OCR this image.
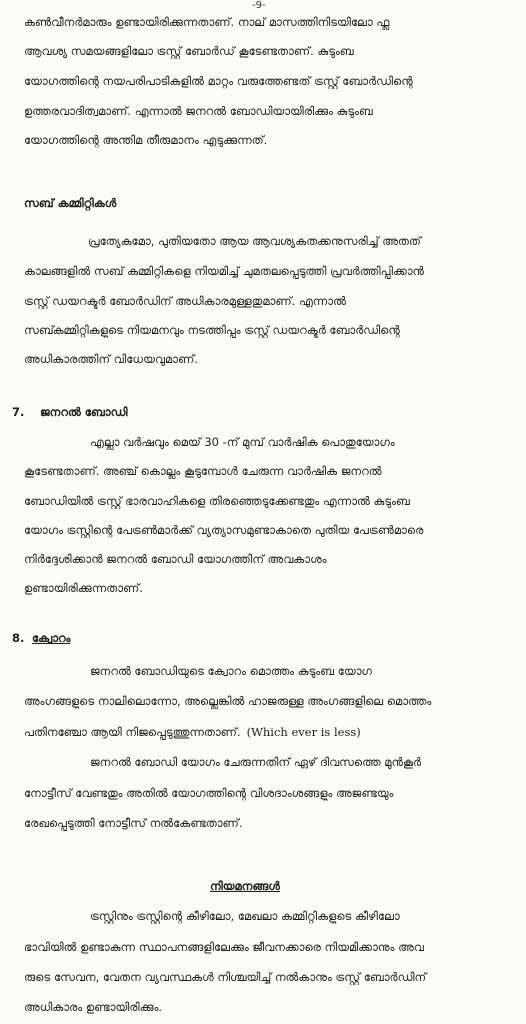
-9-
കൺവീനർമാരും ഉണ്ടായിരിക്കുന്നതാണ്. നാല് മാസത്തിനിടയിലോ ഫ്ലു
ആവശ്യ സമയങ്ങളിലോ ട്രസ്റ്റ് ബോർഡ് കൂടേണ്ടതാണ്. കുടുംബ
യോഗത്തിന്റെ നയപരിപാടികളിൽ മാറ്റം വരുത്തേണ്ടത് ട്രസ്റ്റ് ബോർഡിന്റെ
ഉത്തരവാദിത്വമാണ്. എന്നാൽ ജനറൽ ബോഡിയായിരിക്കും കുടുംബ
യോഗത്തിന്റെ അന്തിമ തീരുമാനം എടുക്കുന്നത്.
സബ് കമ്മിറ്റികൾ
പ്രത്യേകമോ, പുതിയതോ ആയ ആവശ്യകതക്കനുസരിച്ച് അതത്
കാലങ്ങളിൽ സബ് കമ്മിറ്റികളെ നിയമിച്ച് ചുമതലപ്പെടുത്തി പ്രവർത്തിപ്പിക്കാൻ
ട്രസ്റ്റ് ഡയറക്ടർ ബോർഡിന് അധികാരമുള്ളതുമാണ്. എന്നാൽ
സബ്കമ്മിറ്റികളുടെ നിയമനവും നടത്തിപ്പും ട്രസ്റ്റ് ഡയറക്ടർ ബോർഡിന്റെ
അധികാരത്തിന് വിധേയവുമാണ്.
7. ജനറൽ ബോഡി
എല്ലാ വർഷവും മെയ് 30 -ന് മുമ്പ് വാർഷിക പൊതുയോഗം
കൂടേണ്ടതാണ്. അഞ്ച് കൊല്ലം കൂടുമ്പോൾ ചേരുന്ന വാർഷിക ജനറൽ
ബോഡിയിൽ ട്രസ്റ്റ് ഭാരവാഹികളെ തിരഞ്ഞെടുക്കേണ്ടതും എന്നാൽ കുടുംബ
യോഗം ട്രസ്റ്റിന്റെ പേട്രൺമാർക്ക് വ്യത്യാസമുണ്ടാകാതെ പുതിയ പേട്രൺമാരെ
നിർദ്ദേശിക്കാൻ ജനറൽ ബോഡി യോഗത്തിന് അവകാശം
ഉണ്ടായിരിക്കുന്നതാണ്.
8. ക്വോറം
ജനറൽ ബോഡിയുടെ ക്വോറം മൊത്തം കുടുംബ യോഗ
അംഗങ്ങളുടെ നാലിലൊന്നോ, അല്ലെങ്കിൽ ഹാജരുള്ള അംഗങ്ങളിലെ മൊത്തം
പതിനഞ്ചോ ആയി നിജപ്പെടുത്തുന്നതാണ്. (Which ever is less)
ജനറൽ ബോഡി യോഗം ചേരുന്നതിന് ഏഴ് ദിവസത്തെ മുൻകൂർ
നോട്ടീസ് വേണ്ടതും അതിൽ യോഗത്തിന്റെ വിശദാംശങ്ങളും അജണ്ടയും
രേഖപ്പെടുത്തി നോട്ടീസ് നൽകേണ്ടതാണ്.
നിയമനങ്ങൾ
ട്രസ്റ്റിനും ട്രസ്റ്റിന്റെ കീഴിലോ, മേഖലാ കമ്മിറ്റികളുടെ കീഴിലോ
ഭാവിയിൽ ഉണ്ടാകുന്ന സ്ഥാപനങ്ങളിലേക്കും ജീവനക്കാരെ നിയമിക്കാനും അവ
രുടെ സേവന, വേതന വ്യവസ്ഥകൾ നിശ്ചയിച്ച് നൽകാനും ട്രസ്റ്റ് ബോർഡിന്
അധികാരം ഉണ്ടായിരിക്കും.
